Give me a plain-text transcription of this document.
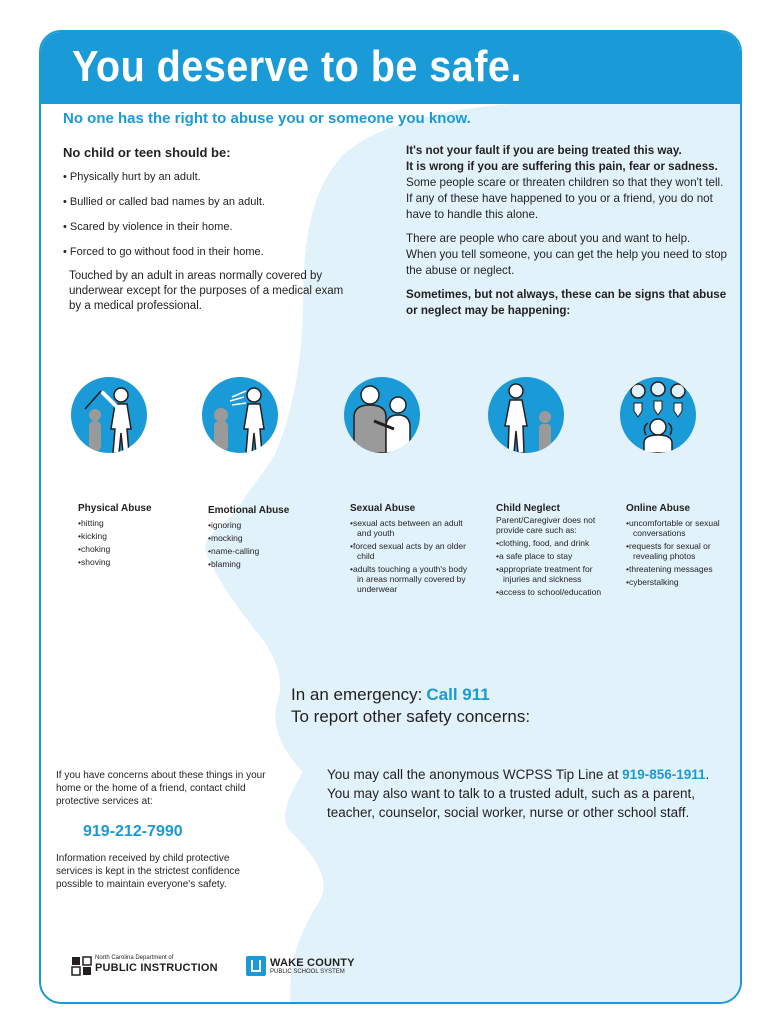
You deserve to be safe.
No one has the right to abuse you or someone you know.
No child or teen should be:
• Physically hurt by an adult.
• Bullied or called bad names by an adult.
• Scared by violence in their home.
• Forced to go without food in their home.
Touched by an adult in areas normally covered by underwear except for the purposes of a medical exam by a medical professional.

It's not your fault if you are being treated this way.

It is wrong if you are suffering this pain, fear or sadness.

Some people scare or threaten children so that they won't tell.

If any of these have happened to you or a friend, you do not have to handle this alone.

There are people who care about you and want to help.

When you tell someone, you can get the help you need to stop the abuse or neglect.

Sometimes, but not always, these can be signs that abuse or neglect may be happening:

Physical Abuse
• hitting
• kicking
• choking
• shoving
Emotional Abuse
• ignoring
• mocking
• name-calling
• blaming
Sexual Abuse
• sexual acts between an adult and youth
• forced sexual acts by an older child
• adults touching a youth's body in areas normally covered by underwear
Child Neglect
Parent/Caregiver does not provide care such as:
• clothing, food, and drink
• a safe place to stay
• appropriate treatment for injuries and sickness
• access to school/education
Online Abuse
• uncomfortable or sexual conversations
• requests for sexual or revealing photos
• threatening messages
• cyberstalking
In an emergency: Call 911
To report other safety concerns:
You may call the anonymous WCPSS Tip Line at 919-856-1911. You may also want to talk to a trusted adult, such as a parent, teacher, counselor, social worker, nurse or other school staff.
If you have concerns about these things in your home or the home of a friend, contact child protective services at:
919-212-7990
Information received by child protective services is kept in the strictest confidence possible to maintain everyone's safety.
North Carolina Department of
PUBLIC INSTRUCTION	WAKE COUNTY
PUBLIC SCHOOL SYSTEM
